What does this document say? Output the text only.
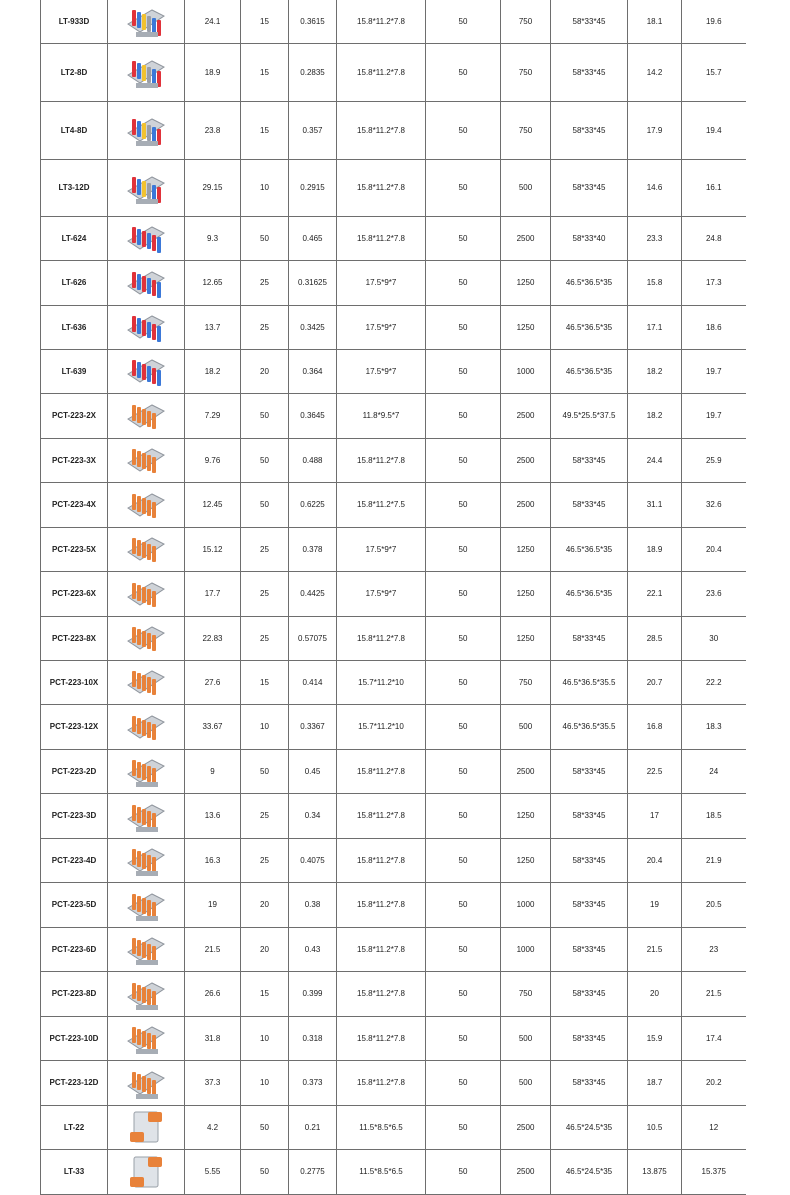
LT-933D		24.1	15	0.3615	15.8*11.2*7.8	50	750	58*33*45	18.1	19.6
LT2-8D		18.9	15	0.2835	15.8*11.2*7.8	50	750	58*33*45	14.2	15.7
LT4-8D		23.8	15	0.357	15.8*11.2*7.8	50	750	58*33*45	17.9	19.4
LT3-12D		29.15	10	0.2915	15.8*11.2*7.8	50	500	58*33*45	14.6	16.1
LT-624		9.3	50	0.465	15.8*11.2*7.8	50	2500	58*33*40	23.3	24.8
LT-626		12.65	25	0.31625	17.5*9*7	50	1250	46.5*36.5*35	15.8	17.3
LT-636		13.7	25	0.3425	17.5*9*7	50	1250	46.5*36.5*35	17.1	18.6
LT-639		18.2	20	0.364	17.5*9*7	50	1000	46.5*36.5*35	18.2	19.7
PCT-223-2X		7.29	50	0.3645	11.8*9.5*7	50	2500	49.5*25.5*37.5	18.2	19.7
PCT-223-3X		9.76	50	0.488	15.8*11.2*7.8	50	2500	58*33*45	24.4	25.9
PCT-223-4X		12.45	50	0.6225	15.8*11.2*7.5	50	2500	58*33*45	31.1	32.6
PCT-223-5X		15.12	25	0.378	17.5*9*7	50	1250	46.5*36.5*35	18.9	20.4
PCT-223-6X		17.7	25	0.4425	17.5*9*7	50	1250	46.5*36.5*35	22.1	23.6
PCT-223-8X		22.83	25	0.57075	15.8*11.2*7.8	50	1250	58*33*45	28.5	30
PCT-223-10X		27.6	15	0.414	15.7*11.2*10	50	750	46.5*36.5*35.5	20.7	22.2
PCT-223-12X		33.67	10	0.3367	15.7*11.2*10	50	500	46.5*36.5*35.5	16.8	18.3
PCT-223-2D		9	50	0.45	15.8*11.2*7.8	50	2500	58*33*45	22.5	24
PCT-223-3D		13.6	25	0.34	15.8*11.2*7.8	50	1250	58*33*45	17	18.5
PCT-223-4D		16.3	25	0.4075	15.8*11.2*7.8	50	1250	58*33*45	20.4	21.9
PCT-223-5D		19	20	0.38	15.8*11.2*7.8	50	1000	58*33*45	19	20.5
PCT-223-6D		21.5	20	0.43	15.8*11.2*7.8	50	1000	58*33*45	21.5	23
PCT-223-8D		26.6	15	0.399	15.8*11.2*7.8	50	750	58*33*45	20	21.5
PCT-223-10D		31.8	10	0.318	15.8*11.2*7.8	50	500	58*33*45	15.9	17.4
PCT-223-12D		37.3	10	0.373	15.8*11.2*7.8	50	500	58*33*45	18.7	20.2
LT-22		4.2	50	0.21	11.5*8.5*6.5	50	2500	46.5*24.5*35	10.5	12
LT-33		5.55	50	0.2775	11.5*8.5*6.5	50	2500	46.5*24.5*35	13.875	15.375
